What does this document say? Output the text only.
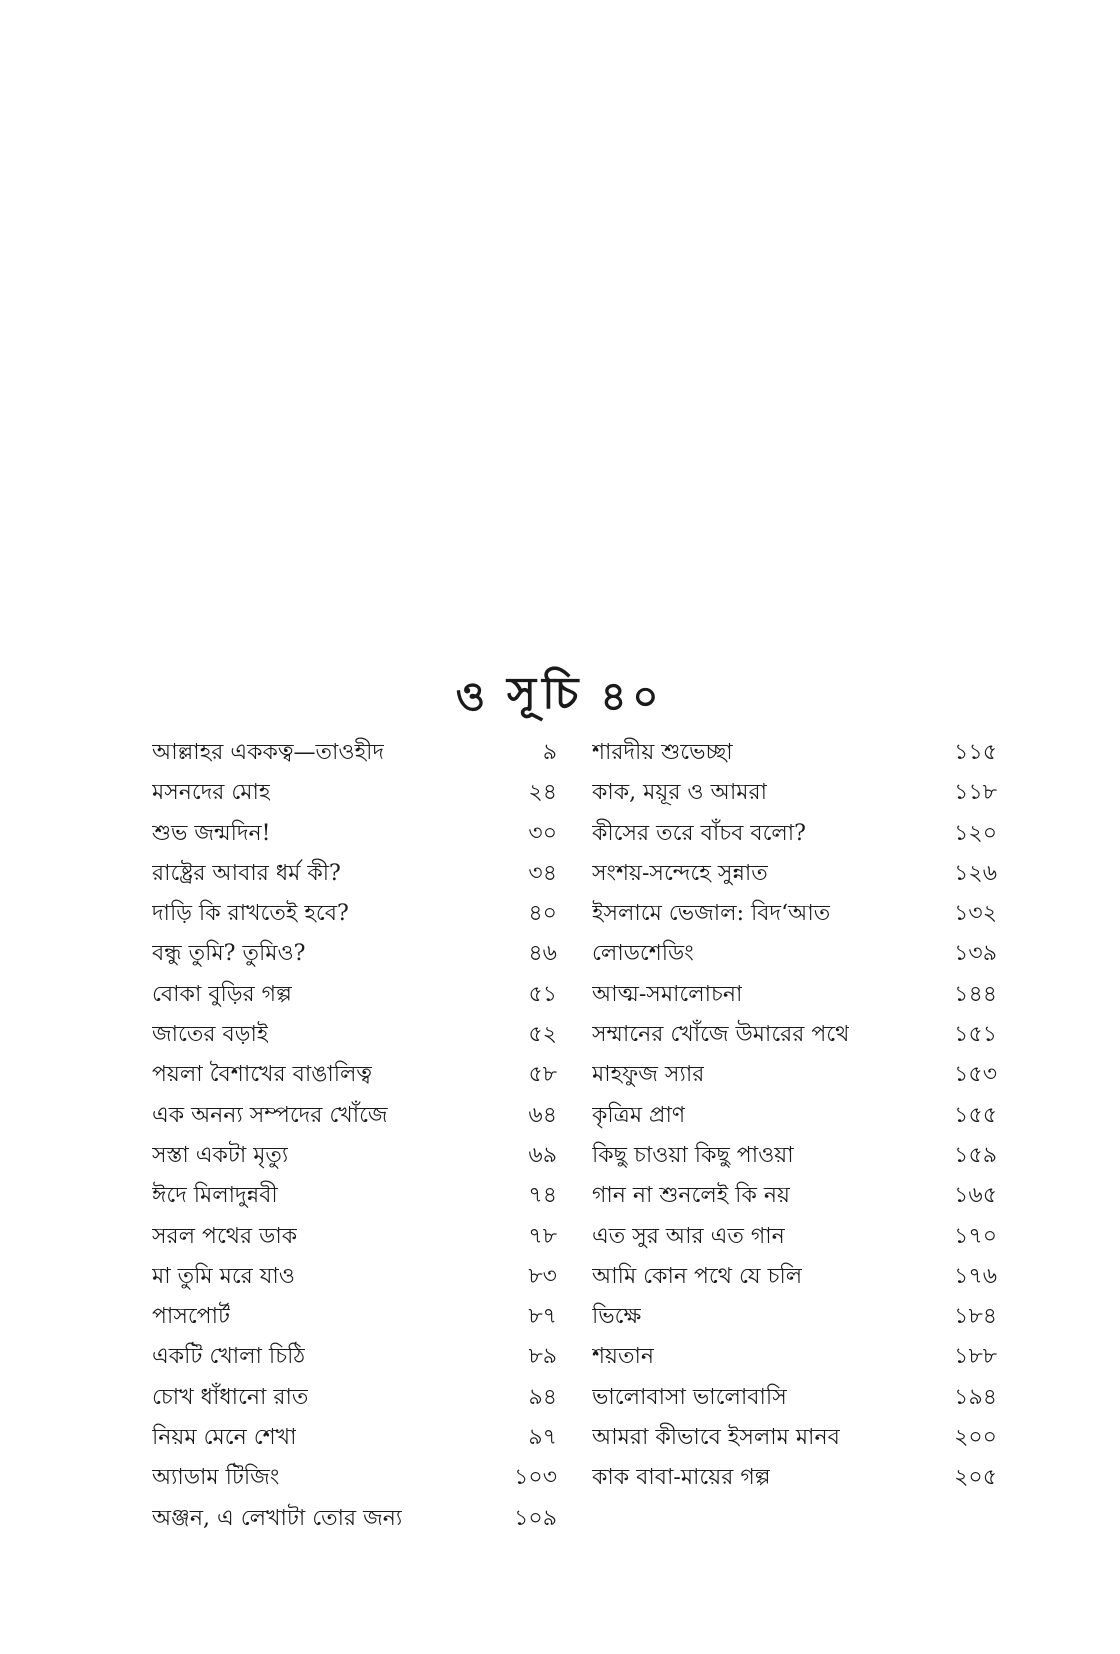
ও সূচি ৪০
আল্লাহর এককত্ব—তাওহীদ	৯
মসনদের মোহ	২৪
শুভ জন্মদিন!	৩০
রাষ্ট্রের আবার ধর্ম কী?	৩৪
দাড়ি কি রাখতেই হবে?	৪০
বন্ধু তুমি? তুমিও?	৪৬
বোকা বুড়ির গল্প	৫১
জাতের বড়াই	৫২
পয়লা বৈশাখের বাঙালিত্ব	৫৮
এক অনন্য সম্পদের খোঁজে	৬৪
সস্তা একটা মৃত্যু	৬৯
ঈদে মিলাদুন্নবী	৭৪
সরল পথের ডাক	৭৮
মা তুমি মরে যাও	৮৩
পাসপোর্ট	৮৭
একটি খোলা চিঠি	৮৯
চোখ ধাঁধানো রাত	৯৪
নিয়ম মেনে শেখা	৯৭
অ্যাডাম টিজিং	১০৩
অঞ্জন, এ লেখাটা তোর জন্য	১০৯
শারদীয় শুভেচ্ছা	১১৫
কাক, ময়ূর ও আমরা	১১৮
কীসের তরে বাঁচব বলো?	১২০
সংশয়-সন্দেহে সুন্নাত	১২৬
ইসলামে ভেজাল: বিদ‘আত	১৩২
লোডশেডিং	১৩৯
আত্ম-সমালোচনা	১৪৪
সম্মানের খোঁজে উমারের পথে	১৫১
মাহফুজ স্যার	১৫৩
কৃত্রিম প্রাণ	১৫৫
কিছু চাওয়া কিছু পাওয়া	১৫৯
গান না শুনলেই কি নয়	১৬৫
এত সুর আর এত গান	১৭০
আমি কোন পথে যে চলি	১৭৬
ভিক্ষে	১৮৪
শয়তান	১৮৮
ভালোবাসা ভালোবাসি	১৯৪
আমরা কীভাবে ইসলাম মানব	২০০
কাক বাবা-মায়ের গল্প	২০৫
